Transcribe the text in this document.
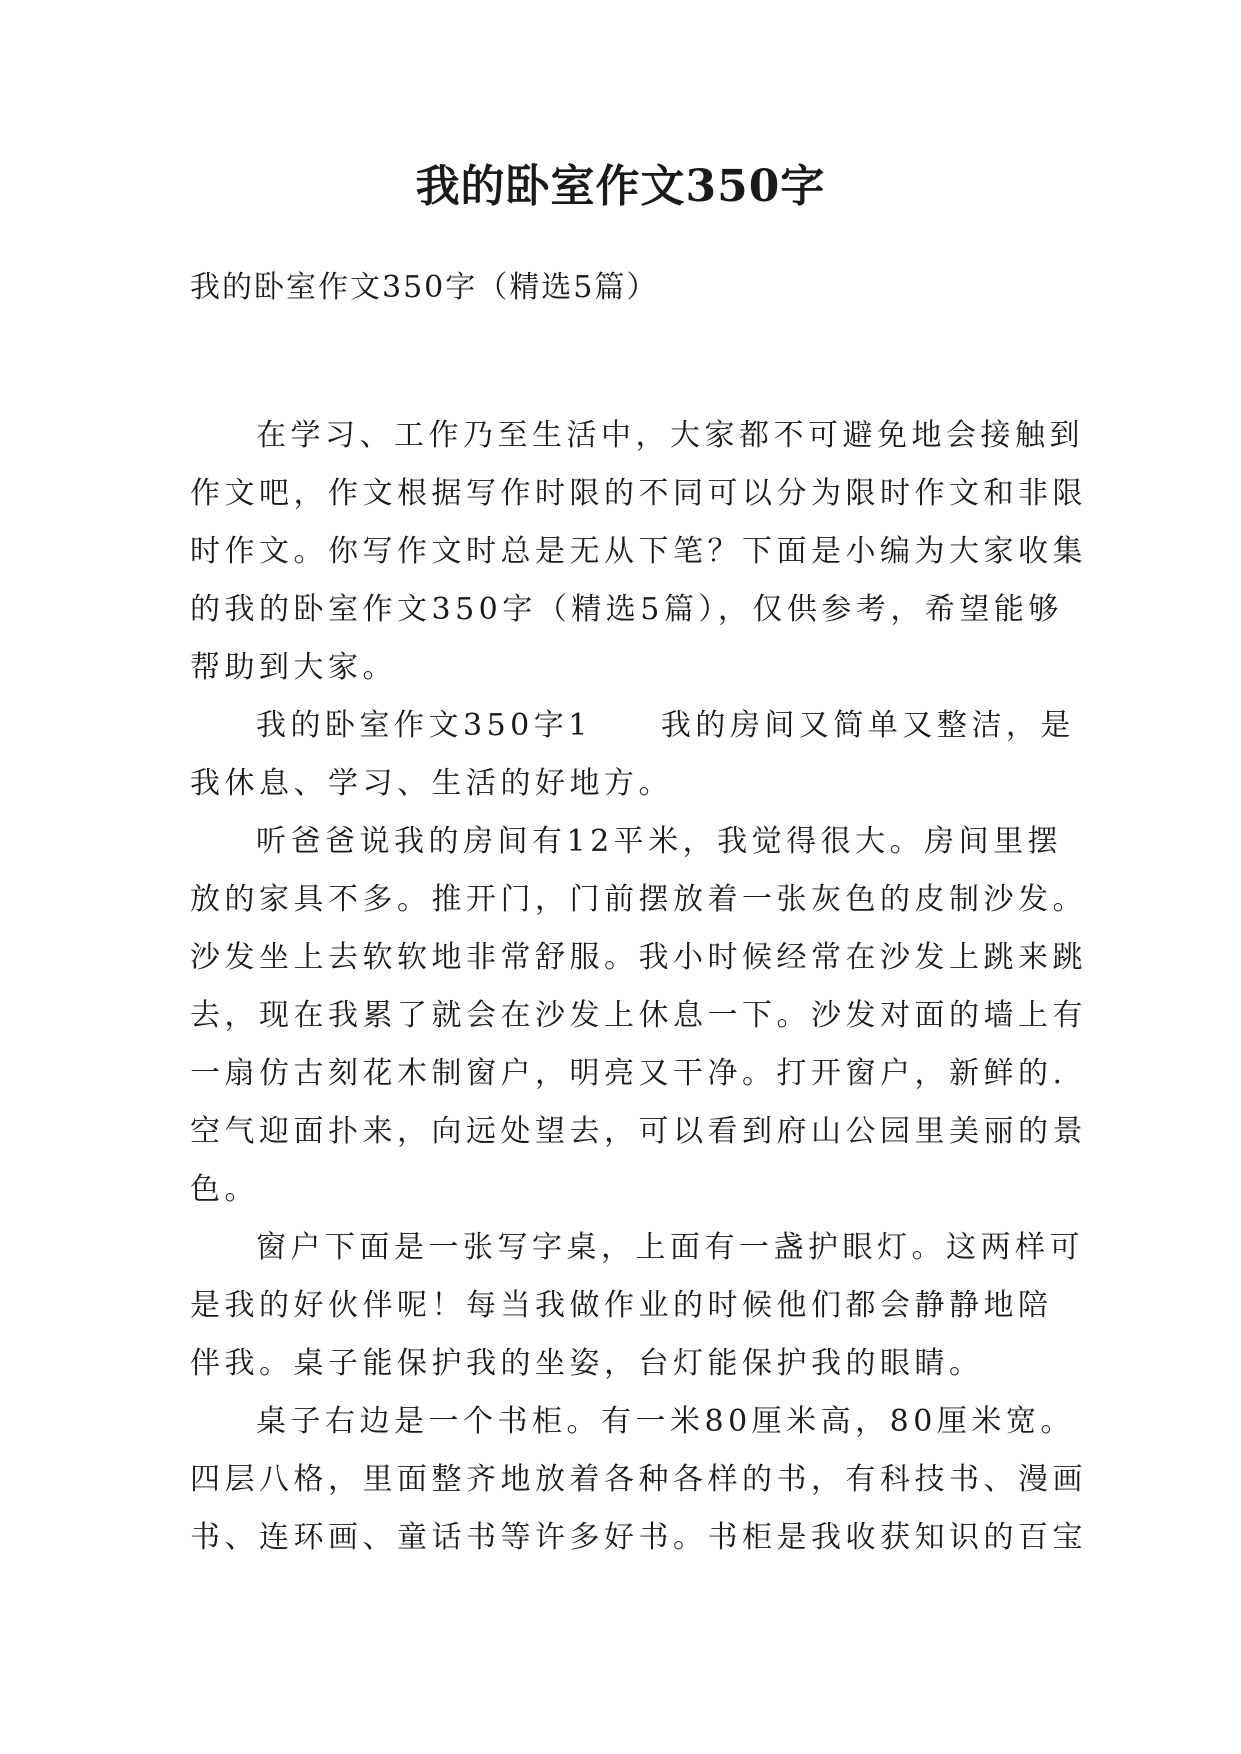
我的卧室作文350字

我的卧室作文350字（精选5篇）

在学习、工作乃至生活中，大家都不可避免地会接触到
作文吧，作文根据写作时限的不同可以分为限时作文和非限
时作文。你写作文时总是无从下笔？下面是小编为大家收集
的我的卧室作文350字（精选5篇），仅供参考，希望能够
帮助到大家。
我的卧室作文350字1　　我的房间又简单又整洁，是
我休息、学习、生活的好地方。
听爸爸说我的房间有12平米，我觉得很大。房间里摆
放的家具不多。推开门，门前摆放着一张灰色的皮制沙发。
沙发坐上去软软地非常舒服。我小时候经常在沙发上跳来跳
去，现在我累了就会在沙发上休息一下。沙发对面的墙上有
一扇仿古刻花木制窗户，明亮又干净。打开窗户，新鲜的.
空气迎面扑来，向远处望去，可以看到府山公园里美丽的景
色。
窗户下面是一张写字桌，上面有一盏护眼灯。这两样可
是我的好伙伴呢！每当我做作业的时候他们都会静静地陪
伴我。桌子能保护我的坐姿，台灯能保护我的眼睛。
桌子右边是一个书柜。有一米80厘米高，80厘米宽。
四层八格，里面整齐地放着各种各样的书，有科技书、漫画
书、连环画、童话书等许多好书。书柜是我收获知识的百宝
